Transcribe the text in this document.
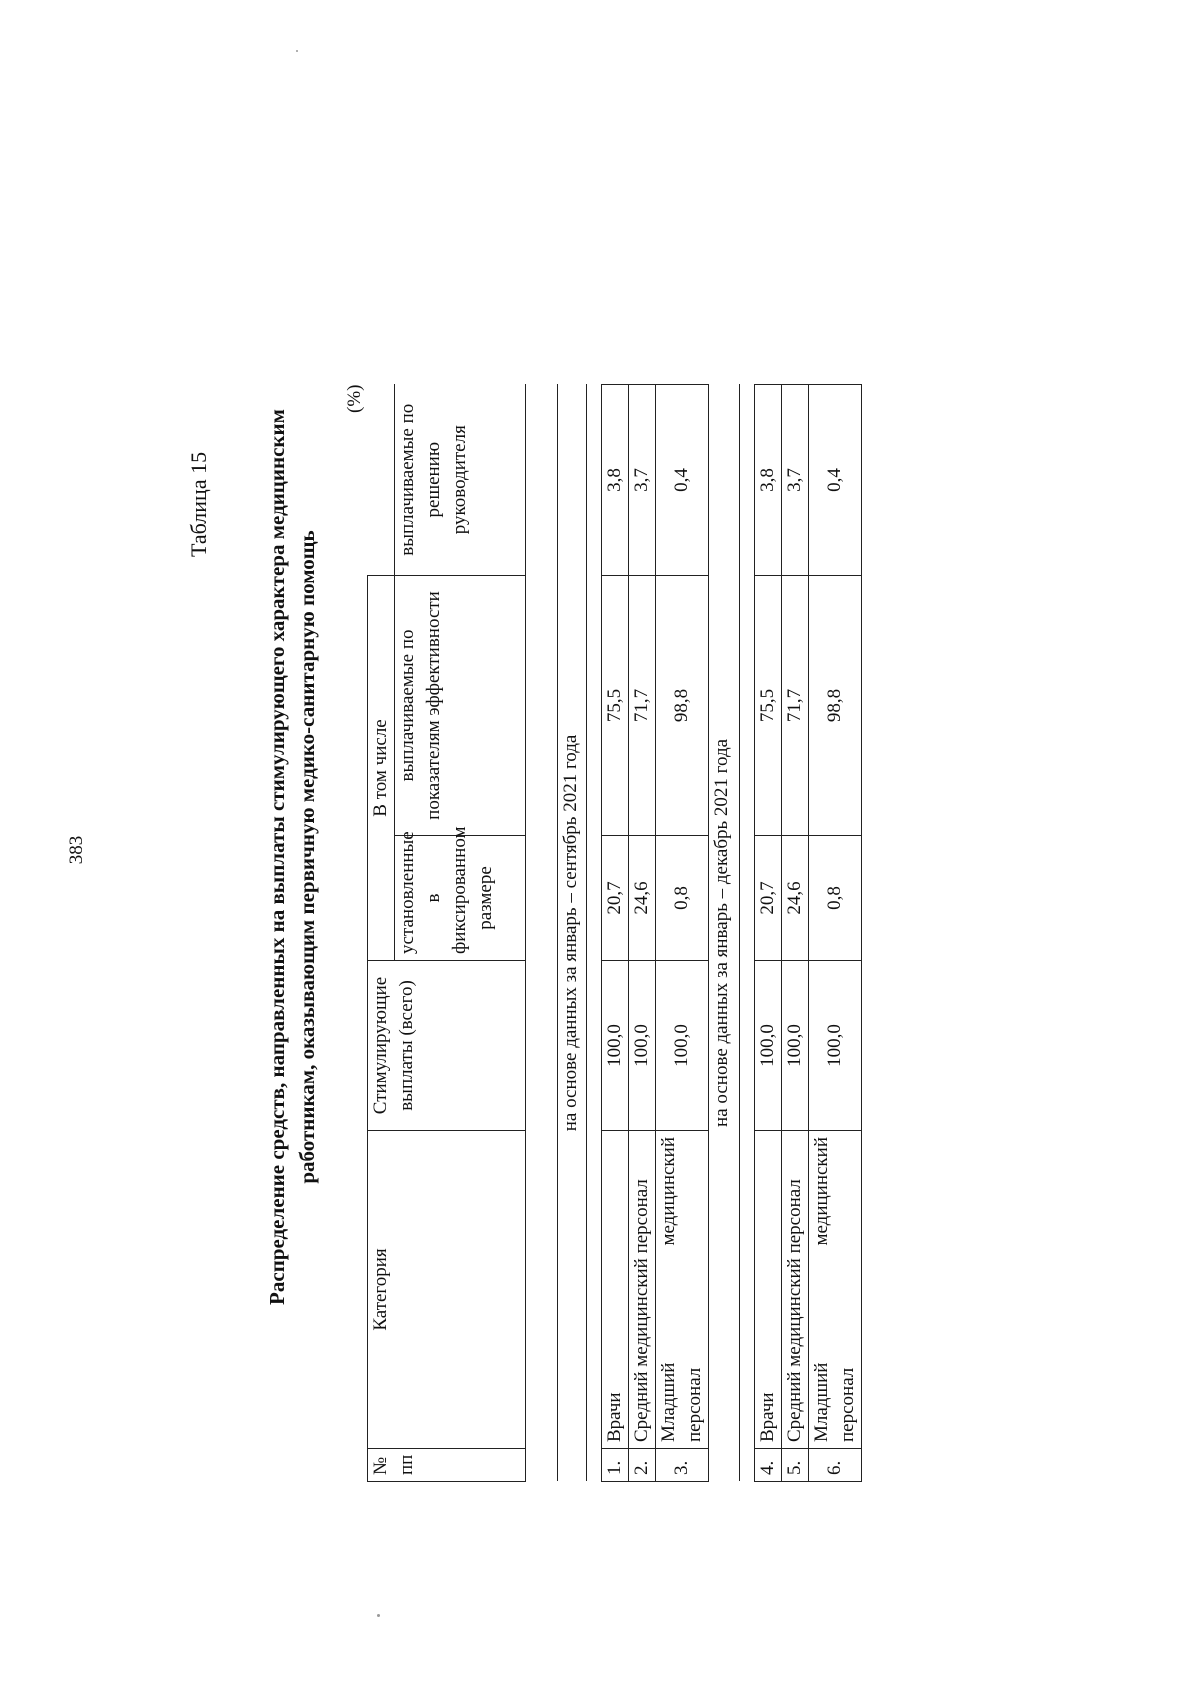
383
Таблица 15	Распределение средств, направленных на выплаты стимулирующего характера медицинским работникам, оказывающим первичную медико-санитарную помощь
(%)
№ пп	Категория	Стимулирующие выплаты (всего)	В том числе		
			установленные в фиксированном размере	выплачиваемые по показателям эффективности	выплачиваемые по решению руководителя
на основе данных за январь – сентябрь 2021 года					

1.	Врачи	100,0	20,7	75,5	3,8
2.	Средний медицинский персонал	100,0	24,6	71,7	3,7
3.	Младший
медицинский
персонал	100,0	0,8	98,8	0,4
на основе данных за январь – декабрь 2021 года					

4.	Врачи	100,0	20,7	75,5	3,8
5.	Средний медицинский персонал	100,0	24,6	71,7	3,7
6.	Младший
медицинский
персонал	100,0	0,8	98,8	0,4
